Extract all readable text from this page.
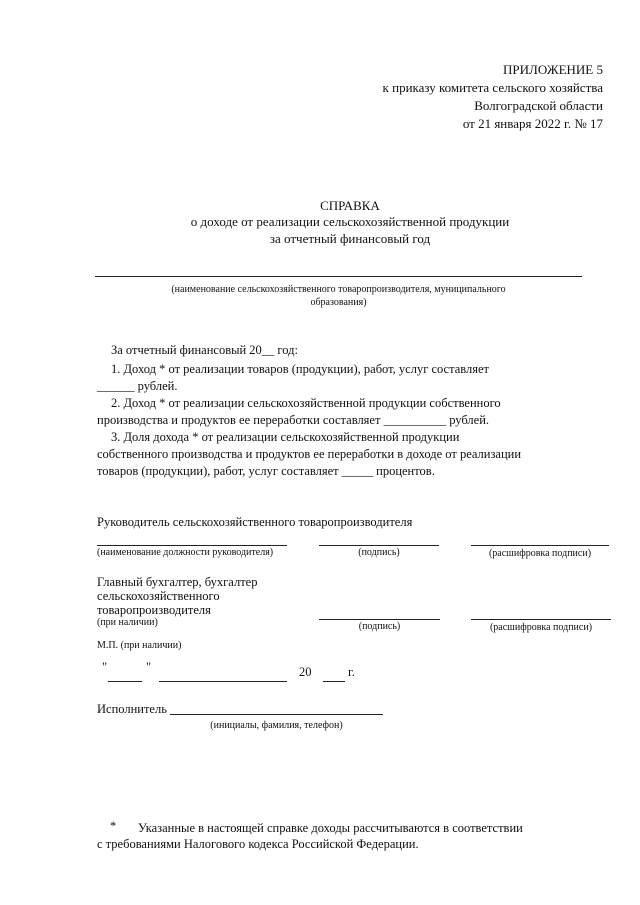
ПРИЛОЖЕНИЕ 5
к приказу комитета сельского хозяйства
Волгоградской области
от 21 января 2022 г. № 17
СПРАВКА
о доходе от реализации сельскохозяйственной продукции
за отчетный финансовый год
(наименование сельскохозяйственного товаропроизводителя, муниципального
образования)
За отчетный финансовый 20__ год:
1. Доход * от реализации товаров (продукции), работ, услуг составляет
______ рублей.
2. Доход * от реализации сельскохозяйственной продукции собственного
производства и продуктов ее переработки составляет __________ рублей.
3. Доля дохода * от реализации сельскохозяйственной продукции
собственного производства и продуктов ее переработки в доходе от реализации
товаров (продукции), работ, услуг составляет _____ процентов.
Руководитель сельскохозяйственного товаропроизводителя
(наименование должности руководителя)	(подпись)	(расшифровка подписи)
Главный бухгалтер, бухгалтер
сельскохозяйственного
товаропроизводителя
(при наличии)	(подпись)	(расшифровка подписи)
М.П. (при наличии)
"	"	20	г.
Исполнитель
(инициалы, фамилия, телефон)
* Указанные в настоящей справке доходы рассчитываются в соответствии
с требованиями Налогового кодекса Российской Федерации.
